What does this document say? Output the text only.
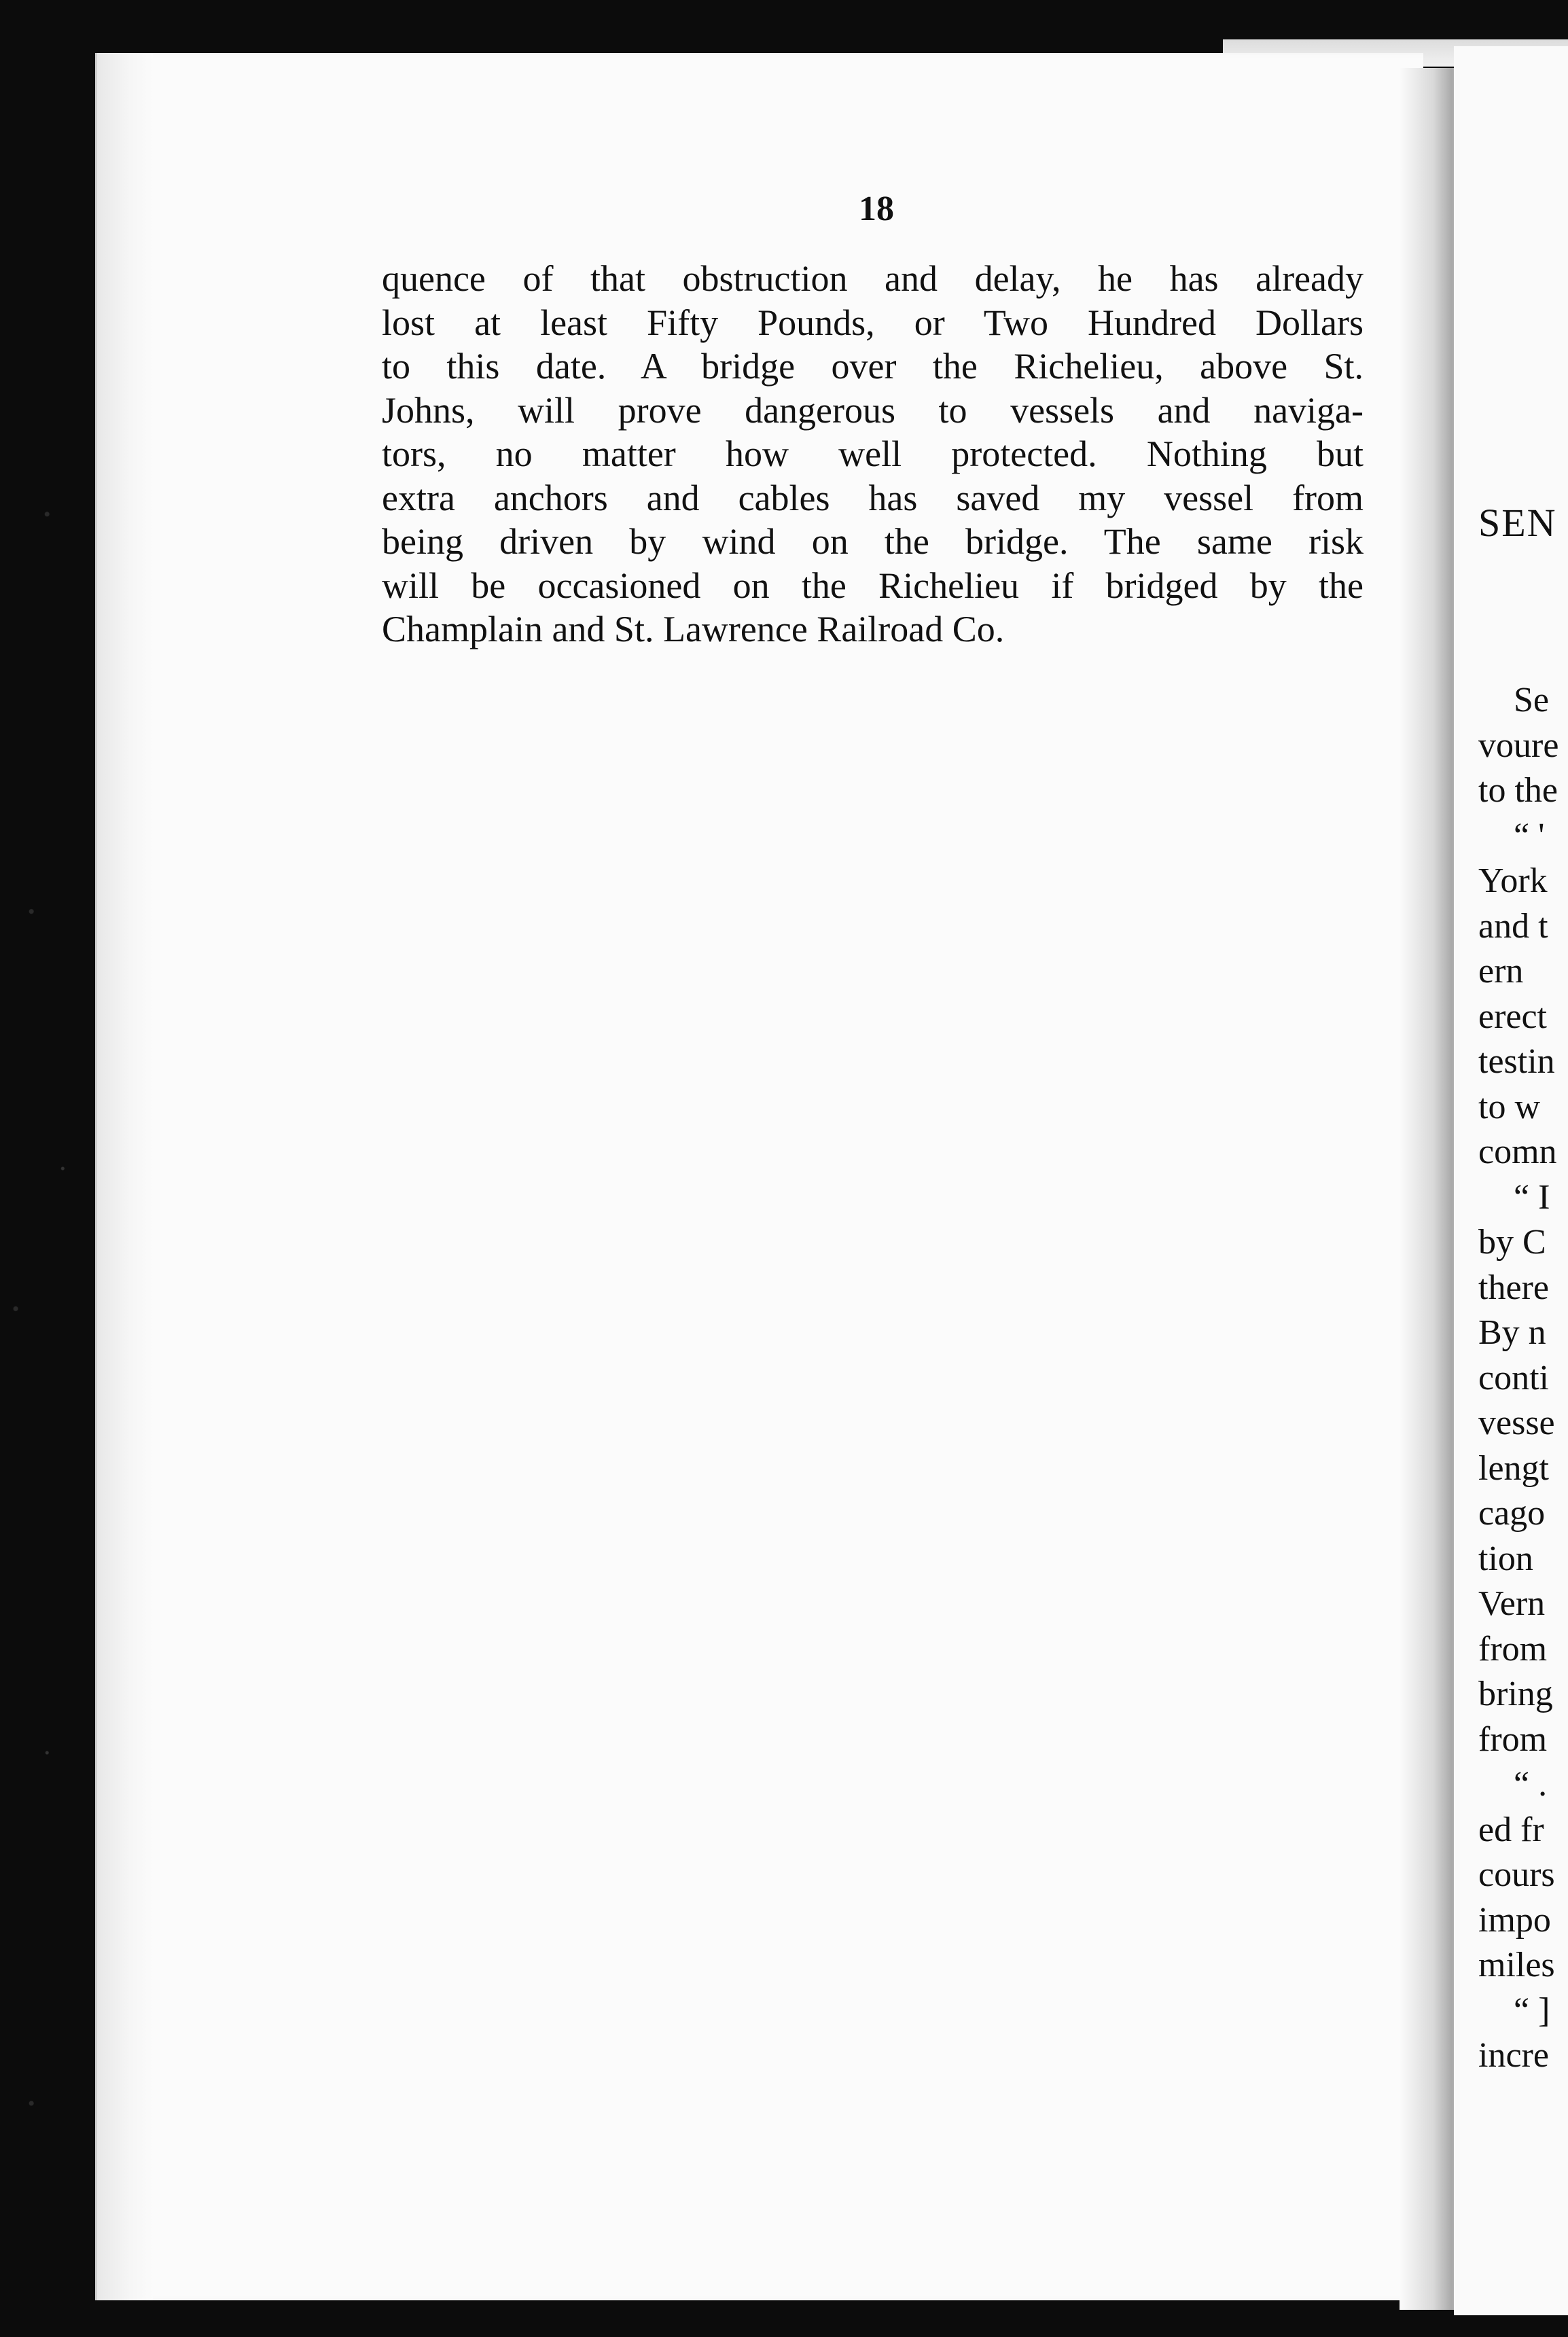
SEN
Se
voure
to the
“ '
York
and t
ern
erect
testin
to w
comn
“ I
by C
there
By n
conti
vesse
lengt
cago
tion
Vern
from
bring
from
“ .
ed fr
cours
impo
miles
“ ]
incre
18
quence of that obstruction and delay, he has already
lost at least Fifty Pounds, or Two Hundred Dollars
to this date. A bridge over the Richelieu, above St.
Johns, will prove dangerous to vessels and naviga-
tors, no matter how well protected. Nothing but
extra anchors and cables has saved my vessel from
being driven by wind on the bridge. The same risk
will be occasioned on the Richelieu if bridged by the
Champlain and St. Lawrence Railroad Co.
